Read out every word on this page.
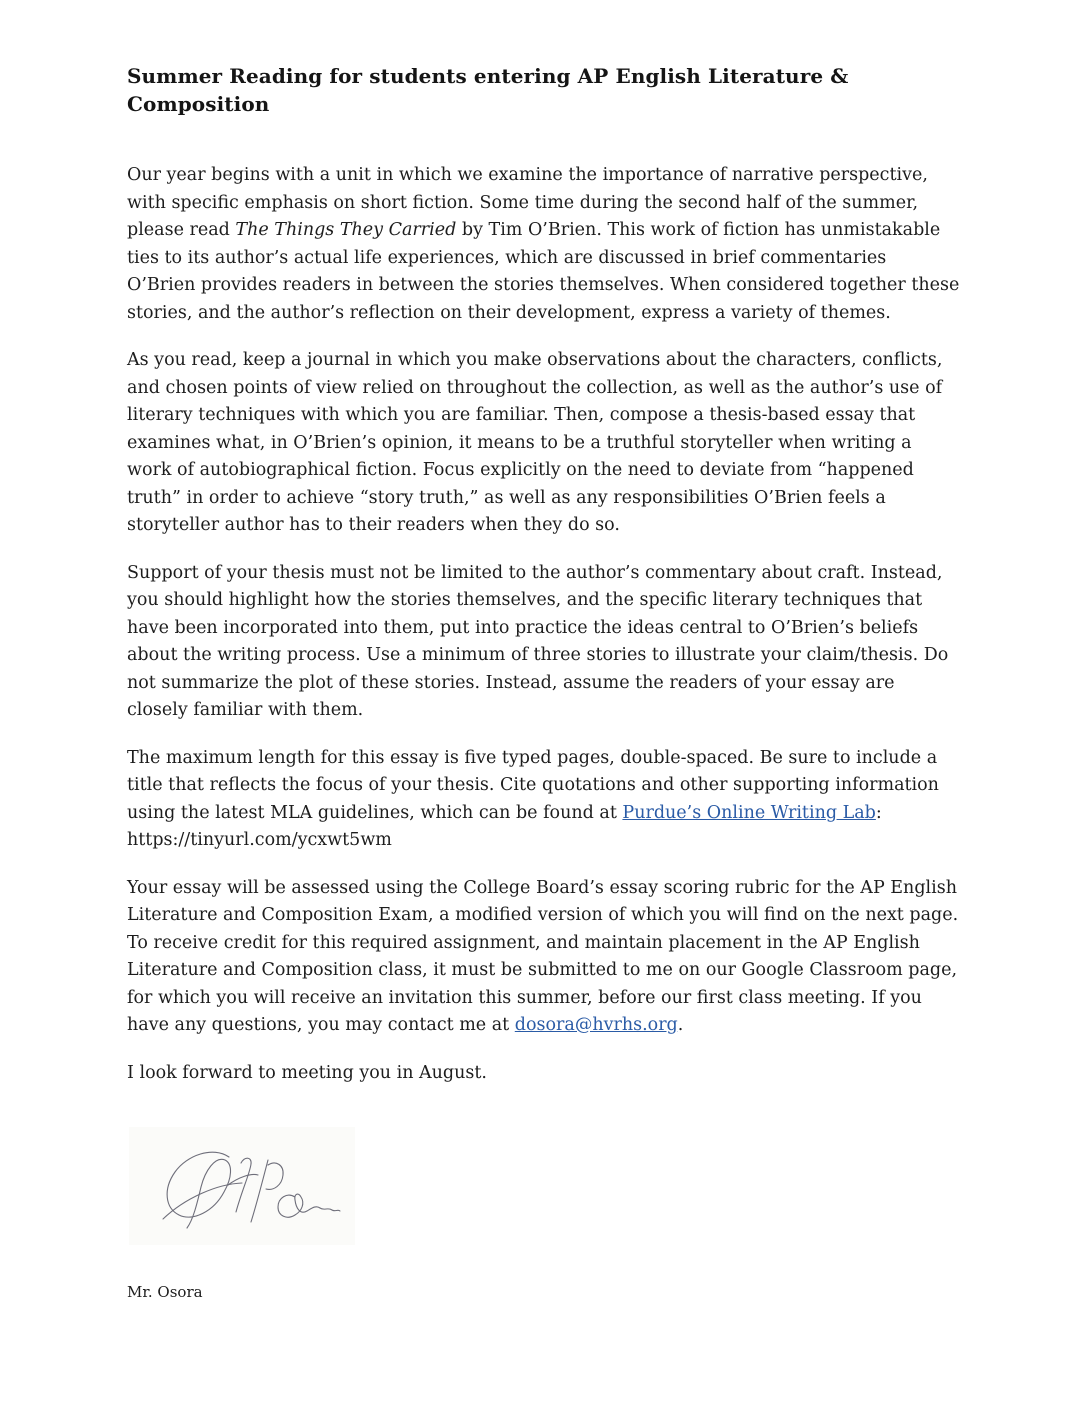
Summer Reading for students entering AP English Literature & Composition

Our year begins with a unit in which we examine the importance of narrative perspective, with specific emphasis on short fiction. Some time during the second half of the summer, please read The Things They Carried by Tim O’Brien. This work of fiction has unmistakable ties to its author’s actual life experiences, which are discussed in brief commentaries O’Brien provides readers in between the stories themselves. When considered together these stories, and the author’s reflection on their development, express a variety of themes.

As you read, keep a journal in which you make observations about the characters, conflicts, and chosen points of view relied on throughout the collection, as well as the author’s use of literary techniques with which you are familiar. Then, compose a thesis-based essay that examines what, in O’Brien’s opinion, it means to be a truthful storyteller when writing a work of autobiographical fiction. Focus explicitly on the need to deviate from “happened truth” in order to achieve “story truth,” as well as any responsibilities O’Brien feels a storyteller author has to their readers when they do so.

Support of your thesis must not be limited to the author’s commentary about craft. Instead, you should highlight how the stories themselves, and the specific literary techniques that have been incorporated into them, put into practice the ideas central to O’Brien’s beliefs about the writing process. Use a minimum of three stories to illustrate your claim/thesis. Do not summarize the plot of these stories. Instead, assume the readers of your essay are closely familiar with them.

The maximum length for this essay is five typed pages, double-spaced. Be sure to include a title that reflects the focus of your thesis. Cite quotations and other supporting information using the latest MLA guidelines, which can be found at Purdue’s Online Writing Lab: https://tinyurl.com/ycxwt5wm

Your essay will be assessed using the College Board’s essay scoring rubric for the AP English Literature and Composition Exam, a modified version of which you will find on the next page. To receive credit for this required assignment, and maintain placement in the AP English Literature and Composition class, it must be submitted to me on our Google Classroom page, for which you will receive an invitation this summer, before our first class meeting. If you have any questions, you may contact me at dosora@hvrhs.org.

I look forward to meeting you in August.

Mr. Osora
